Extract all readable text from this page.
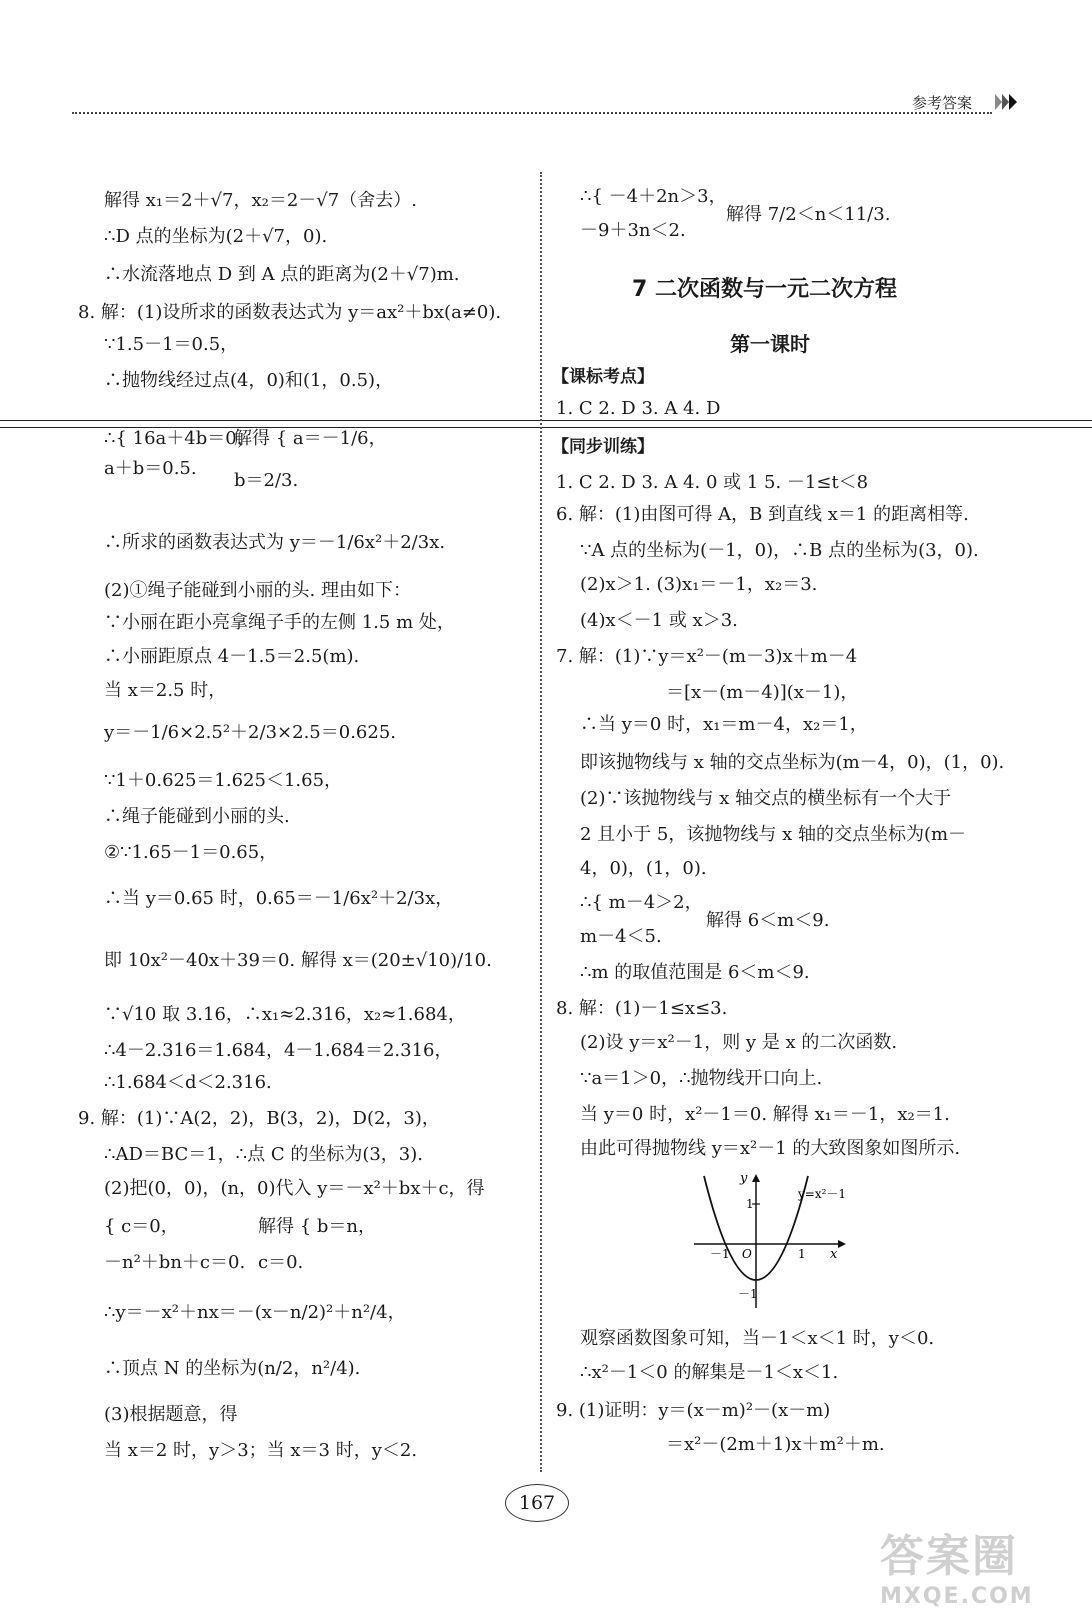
参考答案
解得 x₁＝2＋√7，x₂＝2－√7（舍去）.
∴D 点的坐标为(2＋√7，0).
∴水流落地点 D 到 A 点的距离为(2＋√7)m.
8. 解：(1)设所求的函数表达式为 y＝ax²＋bx(a≠0).
∵1.5－1＝0.5，
∴抛物线经过点(4，0)和(1，0.5)，
∴{ 16a＋4b＝0，
a＋b＝0.5.
解得 { a＝－1/6，
b＝2/3.
∴所求的函数表达式为 y＝－1/6x²＋2/3x.
(2)①绳子能碰到小丽的头. 理由如下：
∵小丽在距小亮拿绳子手的左侧 1.5 m 处，
∴小丽距原点 4－1.5＝2.5(m).
当 x＝2.5 时，
y＝－1/6×2.5²＋2/3×2.5＝0.625.
∵1＋0.625＝1.625＜1.65，
∴绳子能碰到小丽的头.
②∵1.65－1＝0.65，
∴当 y＝0.65 时，0.65＝－1/6x²＋2/3x，
即 10x²－40x＋39＝0. 解得 x＝(20±√10)/10.
∵√10 取 3.16，∴x₁≈2.316，x₂≈1.684，
∴4－2.316＝1.684，4－1.684＝2.316，
∴1.684＜d＜2.316.
9. 解：(1)∵A(2，2)，B(3，2)，D(2，3)，
∴AD＝BC＝1，∴点 C 的坐标为(3，3).
(2)把(0，0)，(n，0)代入 y＝－x²＋bx＋c，得
{ c＝0，
－n²＋bn＋c＝0.
解得 { b＝n，
c＝0.
∴y＝－x²＋nx＝－(x－n/2)²＋n²/4，
∴顶点 N 的坐标为(n/2，n²/4).
(3)根据题意，得
当 x＝2 时，y＞3；当 x＝3 时，y＜2.
∴{ －4＋2n＞3，
－9＋3n＜2.
解得 7/2＜n＜11/3.
7 二次函数与一元二次方程
第一课时
【课标考点】
1. C 2. D 3. A 4. D
【同步训练】
1. C 2. D 3. A 4. 0 或 1 5. －1≤t＜8
6. 解：(1)由图可得 A，B 到直线 x＝1 的距离相等.
∵A 点的坐标为(－1，0)，∴B 点的坐标为(3，0).
(2)x＞1. (3)x₁＝－1，x₂＝3.
(4)x＜－1 或 x＞3.
7. 解：(1)∵y＝x²－(m－3)x＋m－4
＝[x－(m－4)](x－1)，
∴当 y＝0 时，x₁＝m－4，x₂＝1，
即该抛物线与 x 轴的交点坐标为(m－4，0)，(1，0).
(2)∵该抛物线与 x 轴交点的横坐标有一个大于
2 且小于 5，该抛物线与 x 轴的交点坐标为(m－
4，0)，(1，0).
∴{ m－4＞2，
m－4＜5.
解得 6＜m＜9.
∴m 的取值范围是 6＜m＜9.
8. 解：(1)－1≤x≤3.
(2)设 y＝x²－1，则 y 是 x 的二次函数.
∵a＝1＞0，∴抛物线开口向上.
当 y＝0 时，x²－1＝0. 解得 x₁＝－1，x₂＝1.
由此可得抛物线 y＝x²－1 的大致图象如图所示.
观察函数图象可知，当－1＜x＜1 时，y＜0.
∴x²－1＜0 的解集是－1＜x＜1.
9. (1)证明：y＝(x－m)²－(x－m)
＝x²－(2m＋1)x＋m²＋m.
y
y=x²－1
1
－1 O	1 x
－1
167
答案圈
MXQE.COM
